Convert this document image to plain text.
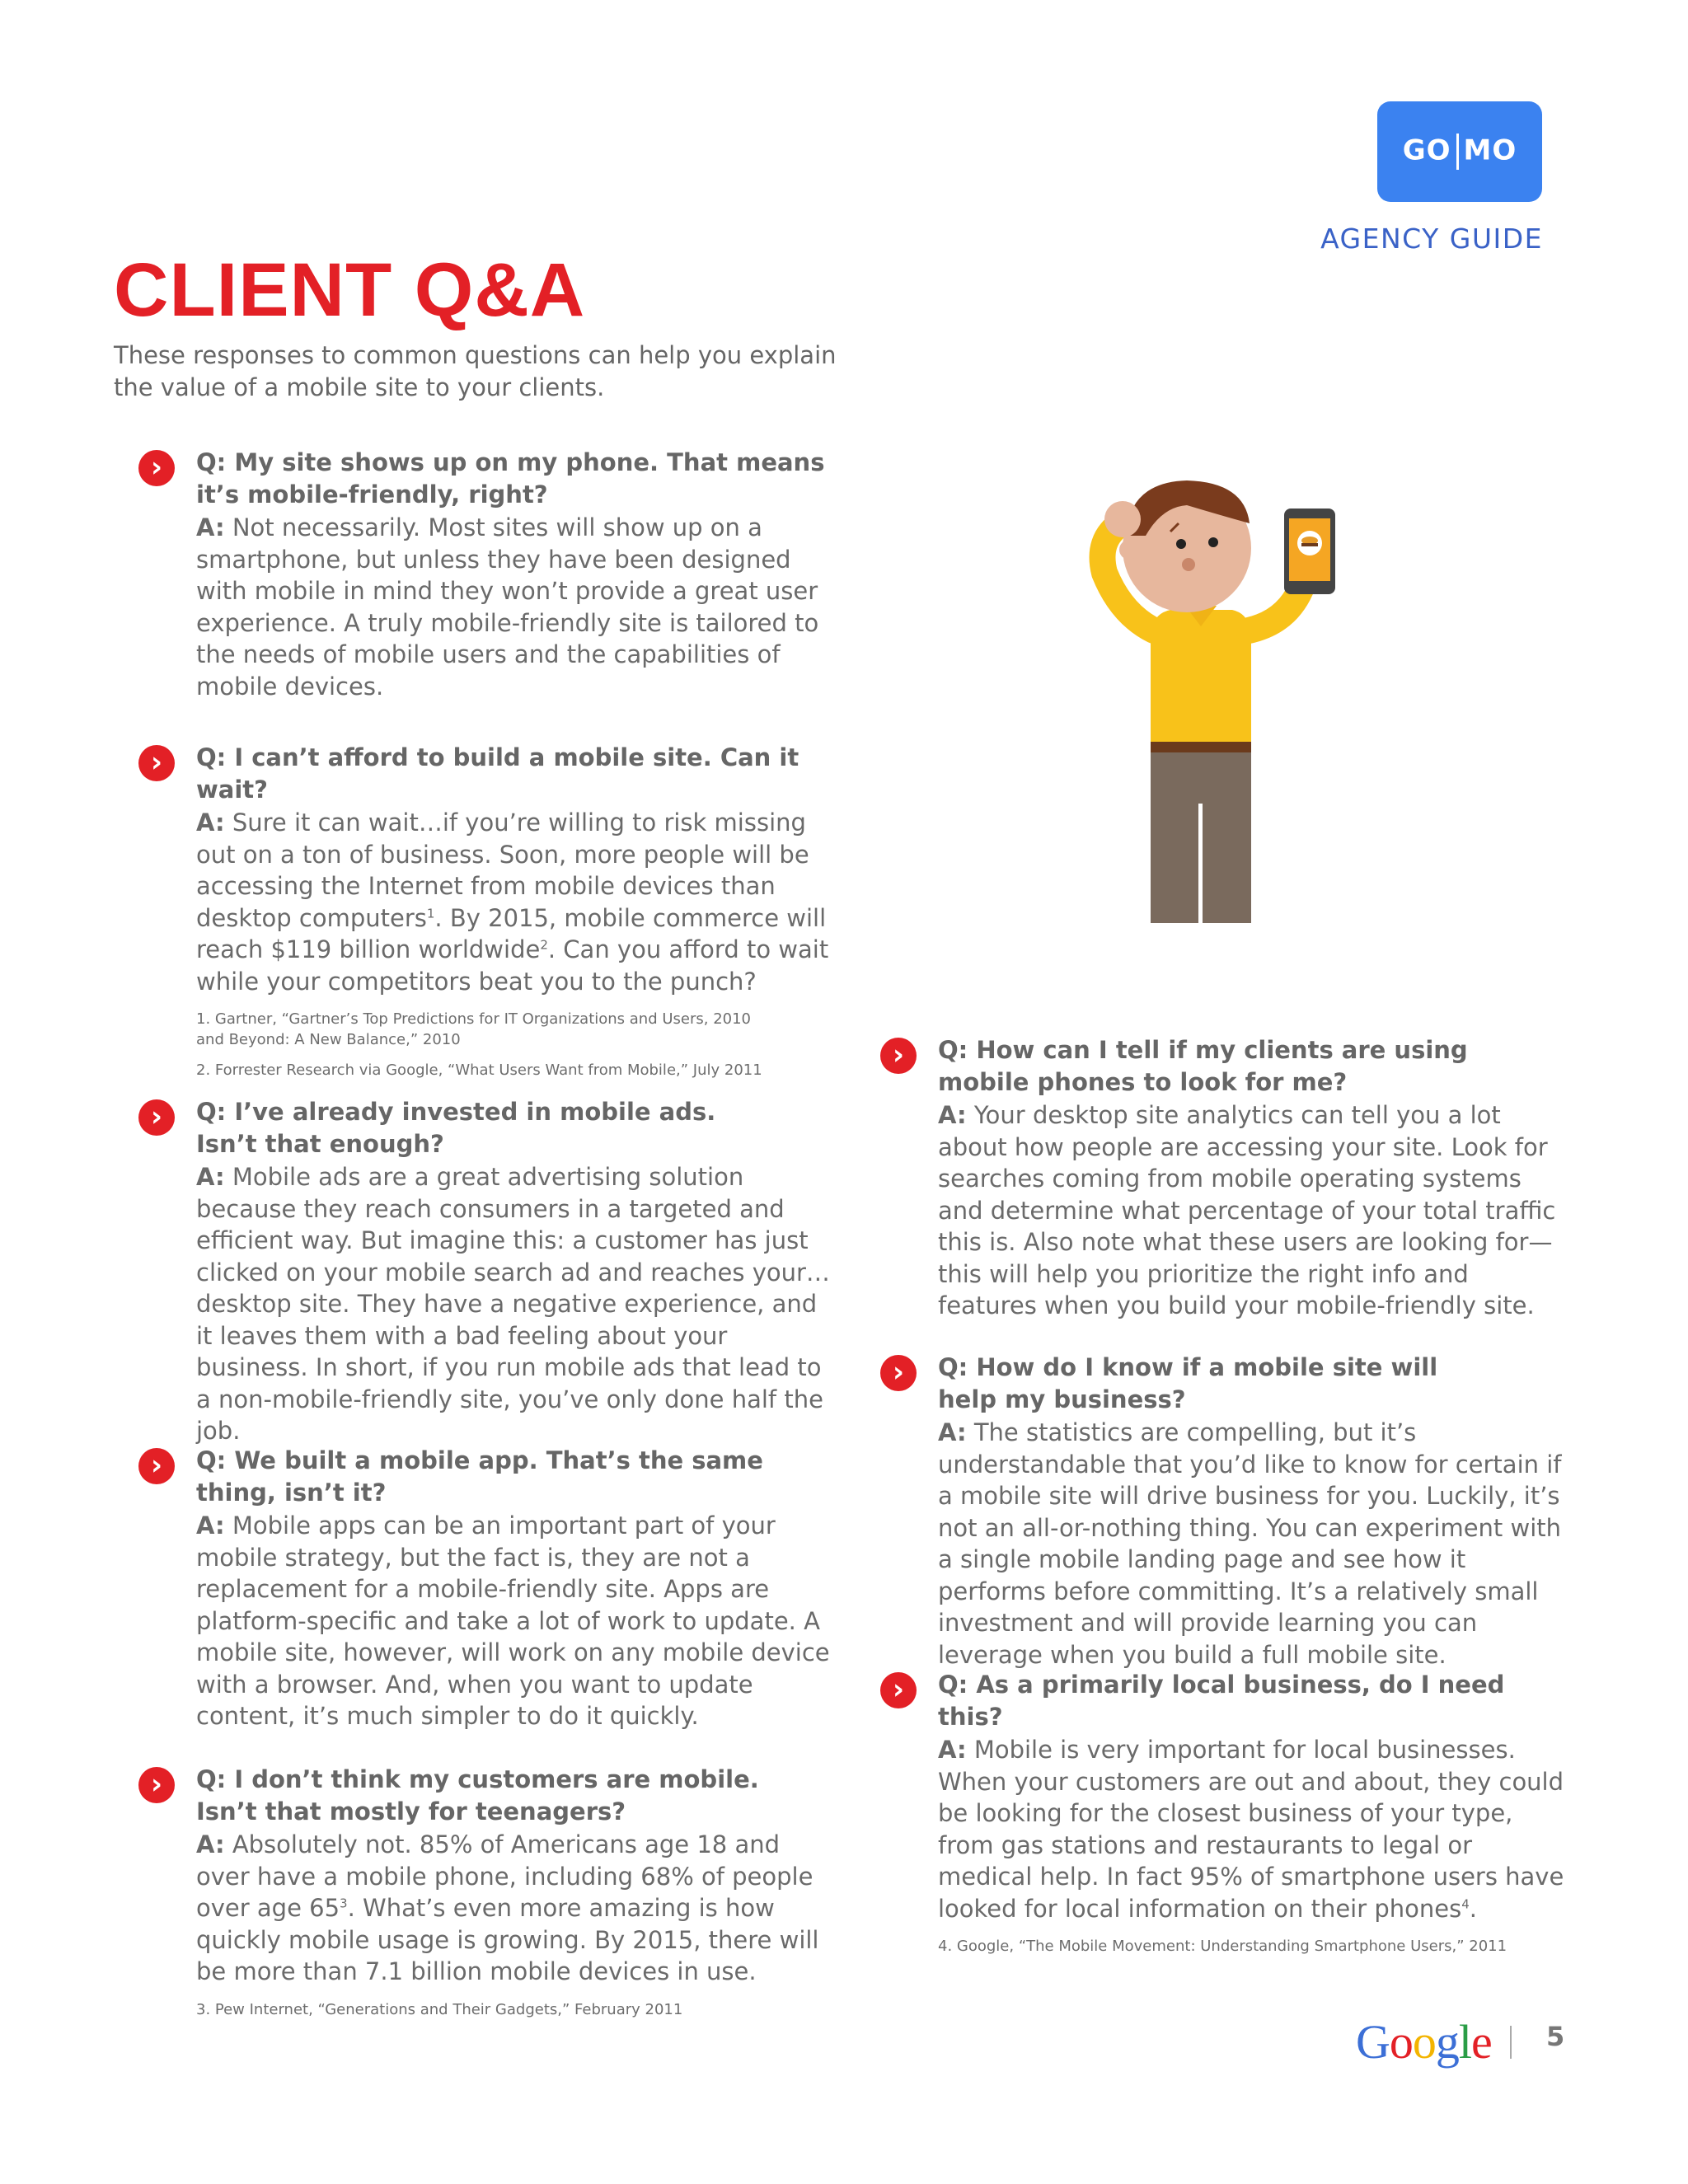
GO MO
AGENCY GUIDE
CLIENT Q&A
These responses to common questions can help you explain the value of a mobile site to your clients.
›	Q: My site shows up on my phone. That means it’s mobile-friendly, right?
A: Not necessarily. Most sites will show up on a smartphone, but unless they have been designed with mobile in mind they won’t provide a great user experience. A truly mobile-friendly site is tailored to the needs of mobile users and the capabilities of mobile devices.
›	Q: I can’t afford to build a mobile site. Can it wait?
A: Sure it can wait…if you’re willing to risk missing out on a ton of business. Soon, more people will be accessing the Internet from mobile devices than desktop computers$^1$. By 2015, mobile commerce will reach $119 billion worldwide$^2$. Can you afford to wait while your competitors beat you to the punch?
1. Gartner, “Gartner’s Top Predictions for IT Organizations and Users, 2010 and Beyond: A New Balance,” 2010
2. Forrester Research via Google, “What Users Want from Mobile,” July 2011
›	Q: I’ve already invested in mobile ads. Isn’t that enough?
A: Mobile ads are a great advertising solution because they reach consumers in a targeted and efficient way. But imagine this: a customer has just clicked on your mobile search ad and reaches your…desktop site. They have a negative experience, and it leaves them with a bad feeling about your business. In short, if you run mobile ads that lead to a non-mobile-friendly site, you’ve only done half the job.
›	Q: We built a mobile app. That’s the same thing, isn’t it?
A: Mobile apps can be an important part of your mobile strategy, but the fact is, they are not a replacement for a mobile-friendly site. Apps are platform-specific and take a lot of work to update. A mobile site, however, will work on any mobile device with a browser. And, when you want to update content, it’s much simpler to do it quickly.
›	Q: I don’t think my customers are mobile. Isn’t that mostly for teenagers?
A: Absolutely not. 85% of Americans age 18 and over have a mobile phone, including 68% of people over age $65^3$. What’s even more amazing is how quickly mobile usage is growing. By 2015, there will be more than 7.1 billion mobile devices in use.
3. Pew Internet, “Generations and Their Gadgets,” February 2011
›	Q: How can I tell if my clients are using mobile phones to look for me?
A: Your desktop site analytics can tell you a lot about how people are accessing your site. Look for searches coming from mobile operating systems and determine what percentage of your total traffic this is. Also note what these users are looking for—this will help you prioritize the right info and features when you build your mobile-friendly site.
›	Q: How do I know if a mobile site will help my business?
A: The statistics are compelling, but it’s understandable that you’d like to know for certain if a mobile site will drive business for you. Luckily, it’s not an all-or-nothing thing. You can experiment with a single mobile landing page and see how it performs before committing. It’s a relatively small investment and will provide learning you can leverage when you build a full mobile site.
›	Q: As a primarily local business, do I need this?
A: Mobile is very important for local businesses. When your customers are out and about, they could be looking for the closest business of your type, from gas stations and restaurants to legal or medical help. In fact 95% of smartphone users have looked for local information on their phones$^4$.
4. Google, “The Mobile Movement: Understanding Smartphone Users,” 2011
Google 5
